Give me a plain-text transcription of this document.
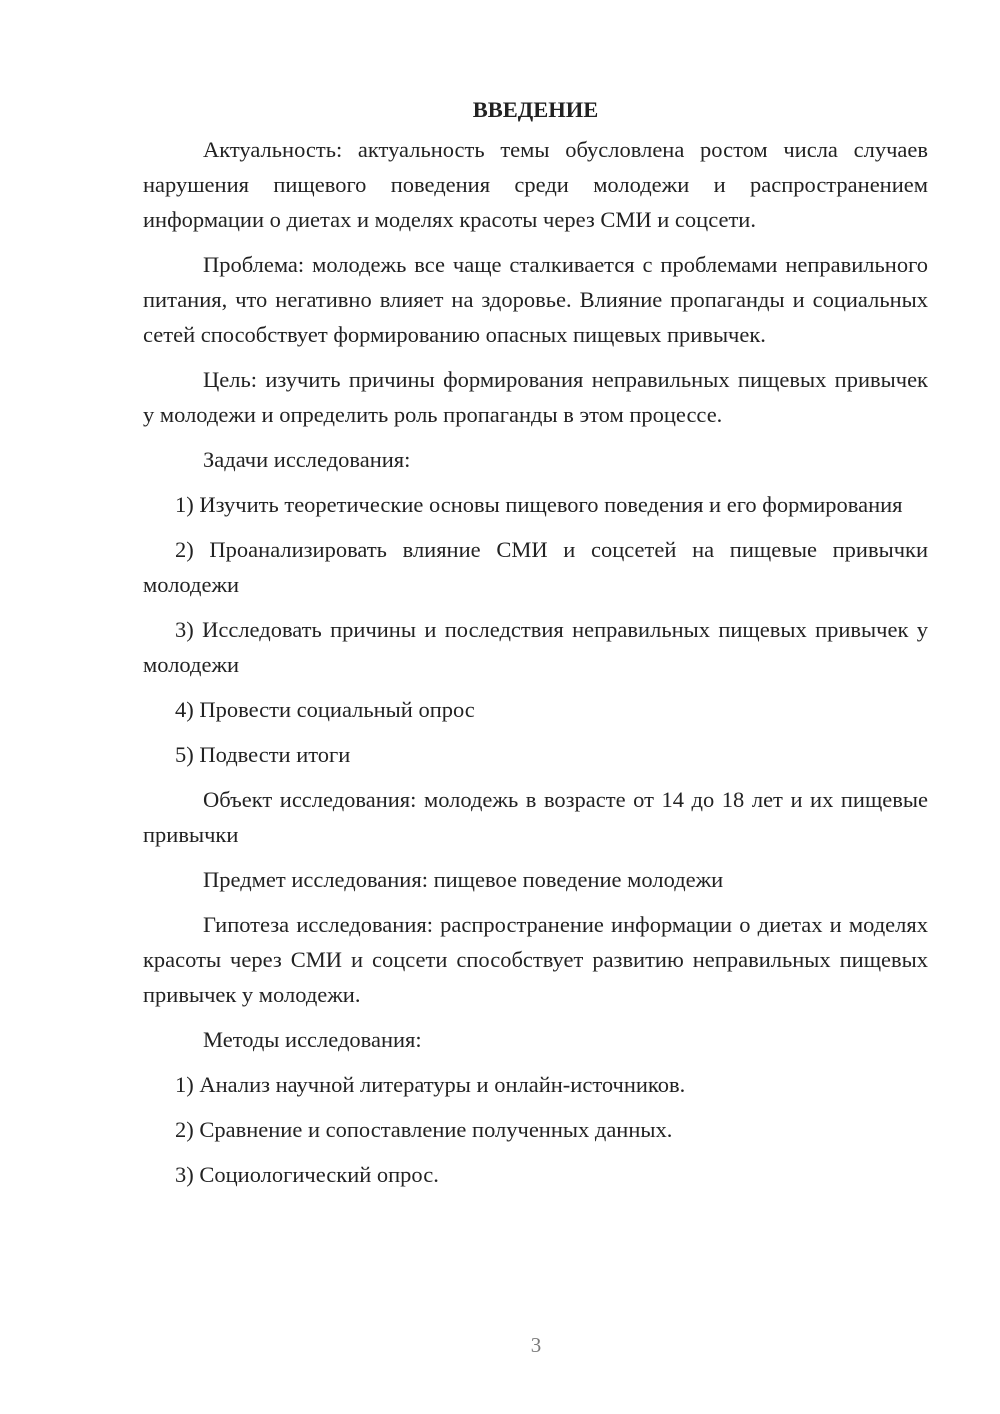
ВВЕДЕНИЕ

Актуальность: актуальность темы обусловлена ростом числа случаев нарушения пищевого поведения среди молодежи и распространением информации о диетах и моделях красоты через СМИ и соцсети.

Проблема: молодежь все чаще сталкивается с проблемами неправильного питания, что негативно влияет на здоровье. Влияние пропаганды и социальных сетей способствует формированию опасных пищевых привычек.

Цель: изучить причины формирования неправильных пищевых привычек у молодежи и определить роль пропаганды в этом процессе.

Задачи исследования:

1) Изучить теоретические основы пищевого поведения и его формирования

2) Проанализировать влияние СМИ и соцсетей на пищевые привычки молодежи

3) Исследовать причины и последствия неправильных пищевых привычек у молодежи

4) Провести социальный опрос

5) Подвести итоги

Объект исследования: молодежь в возрасте от 14 до 18 лет и их пищевые привычки

Предмет исследования: пищевое поведение молодежи

Гипотеза исследования: распространение информации о диетах и моделях красоты через СМИ и соцсети способствует развитию неправильных пищевых привычек у молодежи.

Методы исследования:

1) Анализ научной литературы и онлайн-источников.

2) Сравнение и сопоставление полученных данных.

3) Социологический опрос.

3
